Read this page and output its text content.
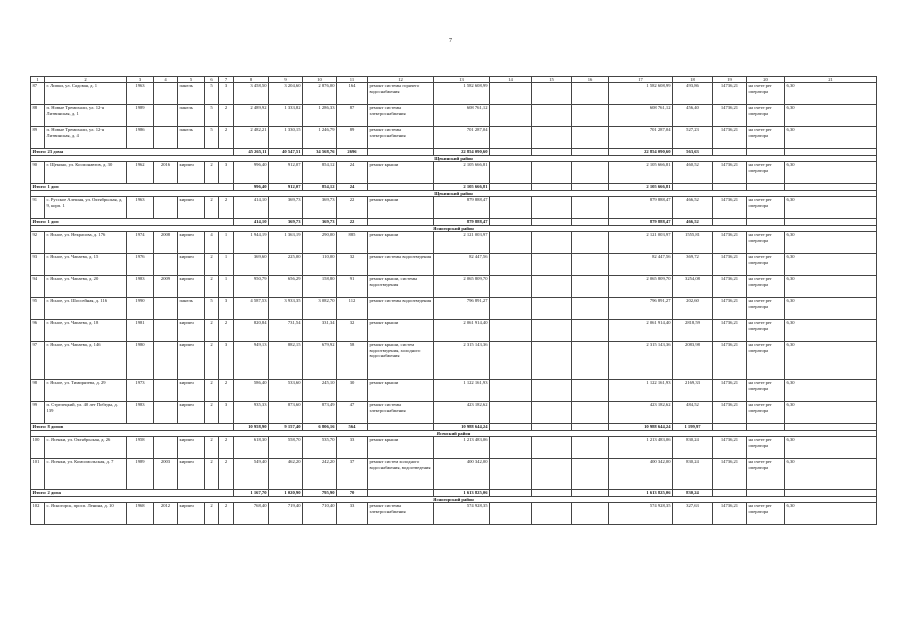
7
1	2	3	4	5	6	7	8	9	10	11	12	13	14	15	16	17	18	19	20	21
87	г. Липки, ул. Садовая, д. 1	1963		панель	5	3	3 458,50	3 204,60	2 876,00	164	ремонт системы горячего водоснабжения	1 582 608,99				1 582 608,99	493,86	14736,21	на счете рег оператора	6,30
88	п. Новые Тремихали, ул. 12-я Литвинская, д. 1	1989		панель	5	2	2 489,92	1 333,82	1 286,33	87	ремонт системы электроснабжения	608 761,12				608 761,12	456,40	14736,21	на счете рег оператора	6,30
89	п. Новые Тремихали, ул. 12-я Литвинская, д. 4	1986		панель	5	2	2 482,21	1 330,15	1 246,79	89	ремонт системы электроснабжения	701 287,04				701 287,04	527,23	14736,21	на счете рег оператора	6,30
Итого: 23 дома							45 265,11	40 547,51	34 568,76	2696		22 854 090,60				22 854 090,60	563,63			
Щекинский район																				
90	г. Щекино, ул. Космонавтов, д. 30	1962	2016	кирпич	2	3	996,40	912,07	854,12	24	ремонт крыши	2 105 666,81				2 105 666,81	460,52	14736,21	на счете рег оператора	6,30
Итого: 1 дом							996,40	912,07	854,12	24		2 105 666,81				2 105 666,81				
Щекинский район																				
91	с. Русское Алешня, ул. Октябрьская, д. 9, корп. 1	1963		кирпич	2	2	414,10	369,73	369,73	22	ремонт крыши	879 888,47				879 888,47	466,52	14736,21	на счете рег оператора	6,30
Итого: 1 дом							414,10	369,73	369,73	22		879 888,47				879 888,47	466,52			
Ясногорский район																				
92	г. Ясное, ул. Некрасова, д. 176	1974	2008	кирпич	4	1	1 944,19	1 363,19	290,00	885	ремонт крыши	2 121 003,97				2 121 003,97	1555,81	14736,21	на счете рег оператора	6,30
93	г. Ясное, ул. Чапаева, д. 15	1976		кирпич	2	1	369,60	225,00	110,00	32	ремонт системы водоотведения	82 447,56				82 447,56	369,72	14736,21	на счете рег оператора	6,30
94	г. Ясное, ул. Чапаева, д. 20	1983	2009	кирпич	2	1	950,79	656,29	158,80	91	ремонт крыши, системы водоотведения	2 065 809,70				2 065 809,70	3254,08	14736,21	на счете рег оператора	6,30
95	г. Ясное, ул. Шоссейная, д. 116	1990		панель	5	3	4 587,53	3 933,35	3 082,70	112	ремонт системы водоотведения	796 891,27				796 891,27	202,60	14736,21	на счете рег оператора	6,30
96	г. Ясное, ул. Чапаева, д. 18	1981		кирпич	2	2	820,84	731,54	331,34	32	ремонт крыши	2 061 914,40				2 061 914,40	2818,59	14736,21	на счете рег оператора	6,30
97	г. Ясное, ул. Чапаева, д. 146	1980		кирпич	2	3	949,13	882,15	679,92	58	ремонт крыши, систем водоотведения, холодного водоснабжения	2 315 143,36				2 315 143,36	2083,98	14736,21	на счете рег оператора	6,30
98	г. Ясное, ул. Тимирязева, д. 29	1973		кирпич	2	2	586,40	533,60	245,10	30	ремонт крыши	1 122 161,93				1 122 161,93	2169,33	14736,21	на счете рег оператора	6,30
99	п. Стрелецкий, ул. 40 лет Победы, д. 139	1983		кирпич	2	3	935,33	873,60	873,49	47	ремонт системы электроснабжения	423 182,62				423 182,62	484,52	14736,21	на счете рег оператора	6,30
Итого: 8 домов							10 958,90	9 157,40	6 806,16	564		10 988 644,24				10 988 644,24	1 199,97			
Ясенский район																				
100	с. Ясенки, ул. Октябрьская, д. 26	1958		кирпич	2	2	618,30	558,70	535,70	33	ремонт крыши	1 213 483,06				1 213 483,06	830,24	14736,21	на счете рег оператора	6,30
101	с. Ясенки, ул. Комсомольская, д. 7	1989	2003	кирпич	2	2	549,40	462,20	242,20	37	ремонт систем холодного водоснабжения, водоотведения	400 342,00				400 342,00	830,24	14736,21	на счете рег оператора	6,30
Итого: 2 дома							1 167,70	1 020,90	795,90	70		1 613 825,06				1 613 825,06	830,24			
Ясногорский район																				
102	с. Ясногорск, просп. Ленина, д. 10	1968	2012	кирпич	2	2	768,40	719,40	710,40	33	ремонт системы электроснабжения	574 928,35				574 928,35	327,63	14736,21	на счете рег оператора	6,30
